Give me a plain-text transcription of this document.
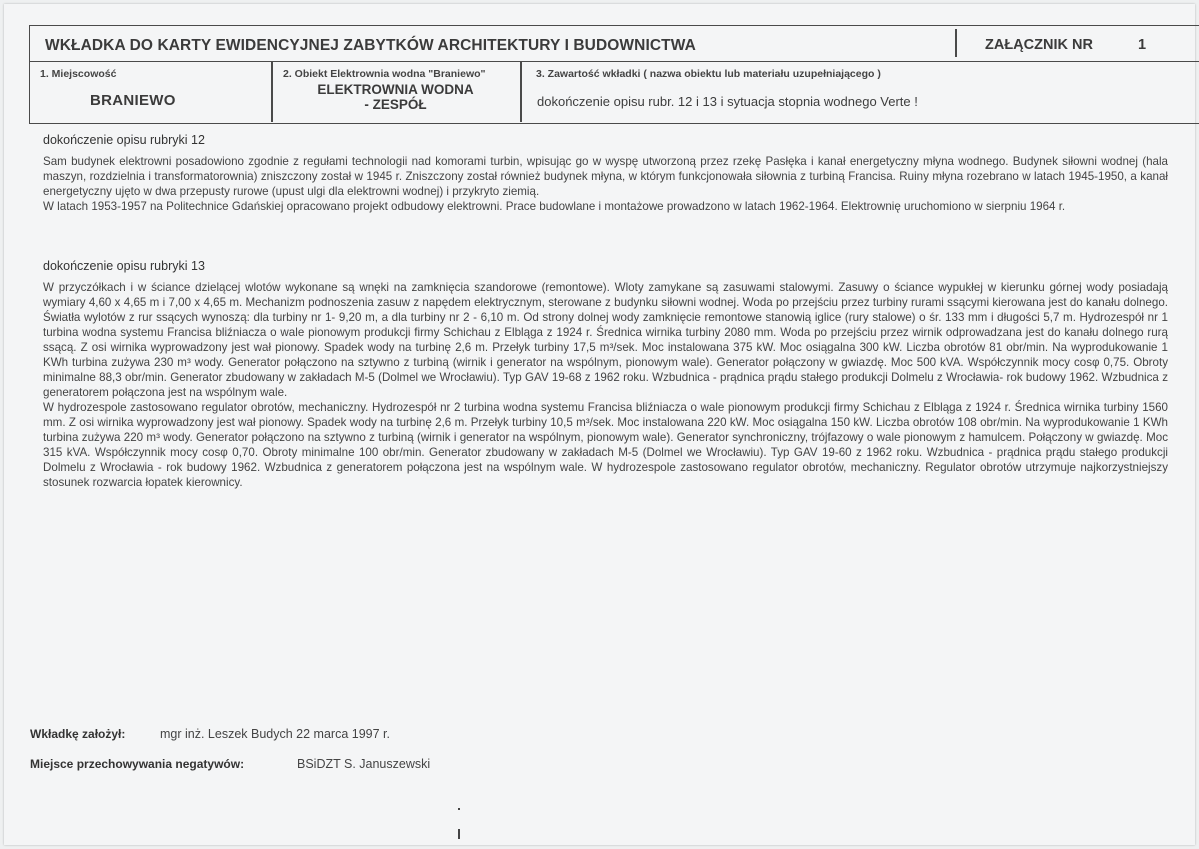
WKŁADKA DO KARTY EWIDENCYJNEJ ZABYTKÓW ARCHITEKTURY I BUDOWNICTWA	ZAŁĄCZNIK NR	1
1. Miejscowość
BRANIEWO
2. Obiekt Elektrownia wodna "Braniewo"
ELEKTROWNIA WODNA
- ZESPÓŁ
3. Zawartość wkładki ( nazwa obiektu lub materiału uzupełniającego )
dokończenie opisu rubr. 12 i 13 i sytuacja stopnia wodnego Verte !
dokończenie opisu rubryki 12
Sam budynek elektrowni posadowiono zgodnie z regułami technologii nad komorami turbin, wpisując go w wyspę utworzoną przez rzekę Pasłęka i kanał energetyczny młyna wodnego. Budynek siłowni wodnej (hala maszyn, rozdzielnia i transformatorownia) zniszczony został w 1945 r. Zniszczony został również budynek młyna, w którym funkcjonowała siłownia z turbiną Francisa. Ruiny młyna rozebrano w latach 1945-1950, a kanał energetyczny ujęto w dwa przepusty rurowe (upust ulgi dla elektrowni wodnej) i przykryto ziemią.
W latach 1953-1957 na Politechnice Gdańskiej opracowano projekt odbudowy elektrowni. Prace budowlane i montażowe prowadzono w latach 1962-1964. Elektrownię uruchomiono w sierpniu 1964 r.
dokończenie opisu rubryki 13
W przyczółkach i w ściance dzielącej wlotów wykonane są wnęki na zamknięcia szandorowe (remontowe). Wloty zamykane są zasuwami stalowymi. Zasuwy o ściance wypukłej w kierunku górnej wody posiadają wymiary 4,60 x 4,65 m i 7,00 x 4,65 m. Mechanizm podnoszenia zasuw z napędem elektrycznym, sterowane z budynku siłowni wodnej. Woda po przejściu przez turbiny rurami ssącymi kierowana jest do kanału dolnego. Światła wylotów z rur ssących wynoszą: dla turbiny nr 1- 9,20 m, a dla turbiny nr 2 - 6,10 m. Od strony dolnej wody zamknięcie remontowe stanowią iglice (rury stalowe) o śr. 133 mm i długości 5,7 m. Hydrozespół nr 1 turbina wodna systemu Francisa bliźniacza o wale pionowym produkcji firmy Schichau z Elbląga z 1924 r. Średnica wirnika turbiny 2080 mm. Woda po przejściu przez wirnik odprowadzana jest do kanału dolnego rurą ssącą. Z osi wirnika wyprowadzony jest wał pionowy. Spadek wody na turbinę 2,6 m. Przełyk turbiny 17,5 m³/sek. Moc instalowana 375 kW. Moc osiągalna 300 kW. Liczba obrotów 81 obr/min. Na wyprodukowanie 1 KWh turbina zużywa 230 m³ wody. Generator połączono na sztywno z turbiną (wirnik i generator na wspólnym, pionowym wale). Generator połączony w gwiazdę. Moc 500 kVA. Współczynnik mocy cosφ 0,75. Obroty minimalne 88,3 obr/min. Generator zbudowany w zakładach M-5 (Dolmel we Wrocławiu). Typ GAV 19-68 z 1962 roku. Wzbudnica - prądnica prądu stałego produkcji Dolmelu z Wrocławia- rok budowy 1962. Wzbudnica z generatorem połączona jest na wspólnym wale.
W hydrozespole zastosowano regulator obrotów, mechaniczny. Hydrozespół nr 2 turbina wodna systemu Francisa bliźniacza o wale pionowym produkcji firmy Schichau z Elbląga z 1924 r. Średnica wirnika turbiny 1560 mm. Z osi wirnika wyprowadzony jest wał pionowy. Spadek wody na turbinę 2,6 m. Przełyk turbiny 10,5 m³/sek. Moc instalowana 220 kW. Moc osiągalna 150 kW. Liczba obrotów 108 obr/min. Na wyprodukowanie 1 KWh turbina zużywa 220 m³ wody. Generator połączono na sztywno z turbiną (wirnik i generator na wspólnym, pionowym wale). Generator synchroniczny, trójfazowy o wale pionowym z hamulcem. Połączony w gwiazdę. Moc 315 kVA. Współczynnik mocy cosφ 0,70. Obroty minimalne 100 obr/min. Generator zbudowany w zakładach M-5 (Dolmel we Wrocławiu). Typ GAV 19-60 z 1962 roku. Wzbudnica - prądnica prądu stałego produkcji Dolmelu z Wrocławia - rok budowy 1962. Wzbudnica z generatorem połączona jest na wspólnym wale. W hydrozespole zastosowano regulator obrotów, mechaniczny. Regulator obrotów utrzymuje najkorzystniejszy stosunek rozwarcia łopatek kierownicy.
Wkładkę założył:	mgr inż. Leszek Budych 22 marca 1997 r.
Miejsce przechowywania negatywów:	BSiDZT S. Januszewski
